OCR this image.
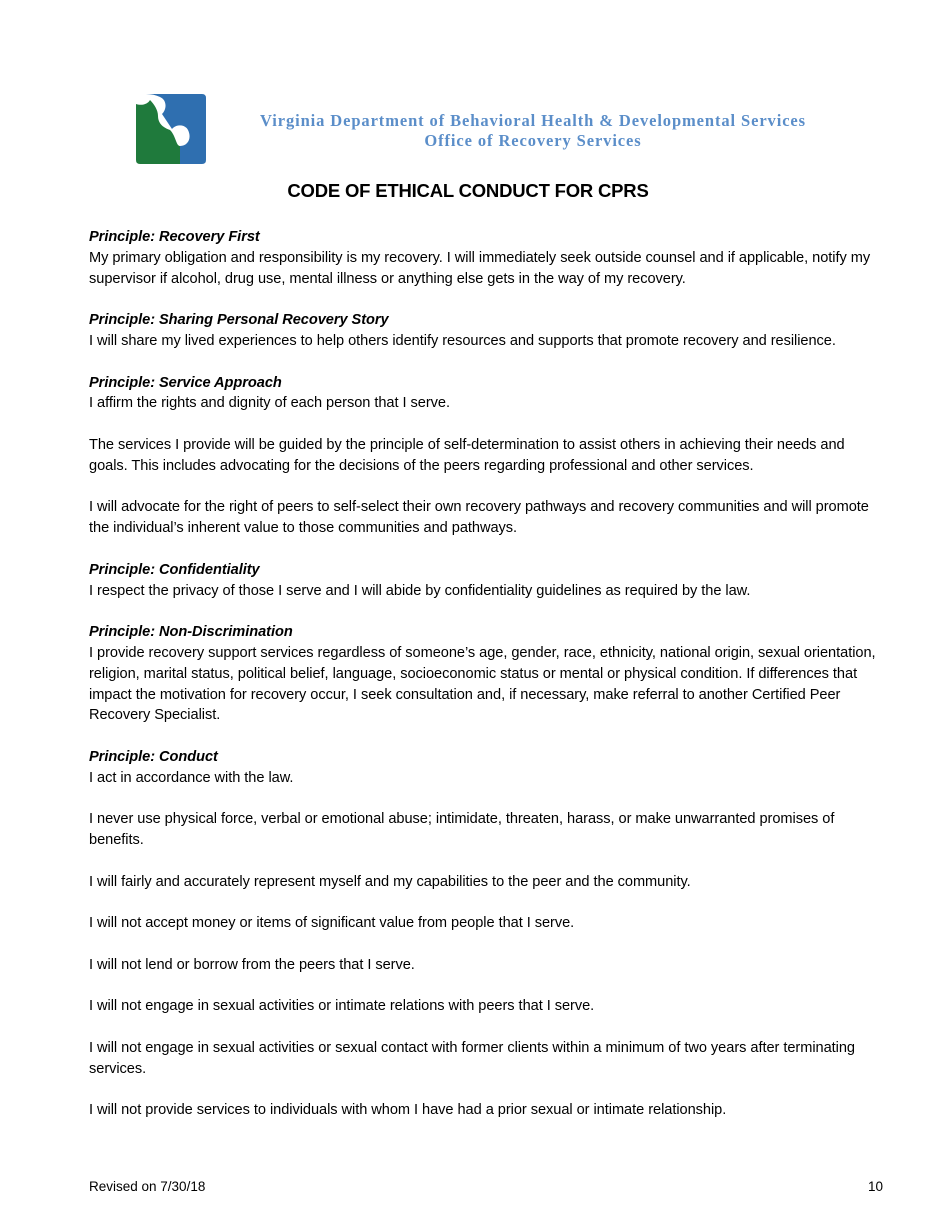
Virginia Department of Behavioral Health & Developmental Services
Office of Recovery Services
CODE OF ETHICAL CONDUCT FOR CPRS
Principle: Recovery First

My primary obligation and responsibility is my recovery. I will immediately seek outside counsel and if applicable, notify my supervisor if alcohol, drug use, mental illness or anything else gets in the way of my recovery.

Principle: Sharing Personal Recovery Story

I will share my lived experiences to help others identify resources and supports that promote recovery and resilience.

Principle: Service Approach

I affirm the rights and dignity of each person that I serve.

The services I provide will be guided by the principle of self-determination to assist others in achieving their needs and goals. This includes advocating for the decisions of the peers regarding professional and other services.

I will advocate for the right of peers to self-select their own recovery pathways and recovery communities and will promote the individual’s inherent value to those communities and pathways.

Principle: Confidentiality

I respect the privacy of those I serve and I will abide by confidentiality guidelines as required by the law.

Principle: Non-Discrimination

I provide recovery support services regardless of someone’s age, gender, race, ethnicity, national origin, sexual orientation, religion, marital status, political belief, language, socioeconomic status or mental or physical condition. If differences that impact the motivation for recovery occur, I seek consultation and, if necessary, make referral to another Certified Peer Recovery Specialist.

Principle: Conduct

I act in accordance with the law.

I never use physical force, verbal or emotional abuse; intimidate, threaten, harass, or make unwarranted promises of benefits.

I will fairly and accurately represent myself and my capabilities to the peer and the community.

I will not accept money or items of significant value from people that I serve.

I will not lend or borrow from the peers that I serve.

I will not engage in sexual activities or intimate relations with peers that I serve.

I will not engage in sexual activities or sexual contact with former clients within a minimum of two years after terminating services.

I will not provide services to individuals with whom I have had a prior sexual or intimate relationship.

Revised on 7/30/18	10
